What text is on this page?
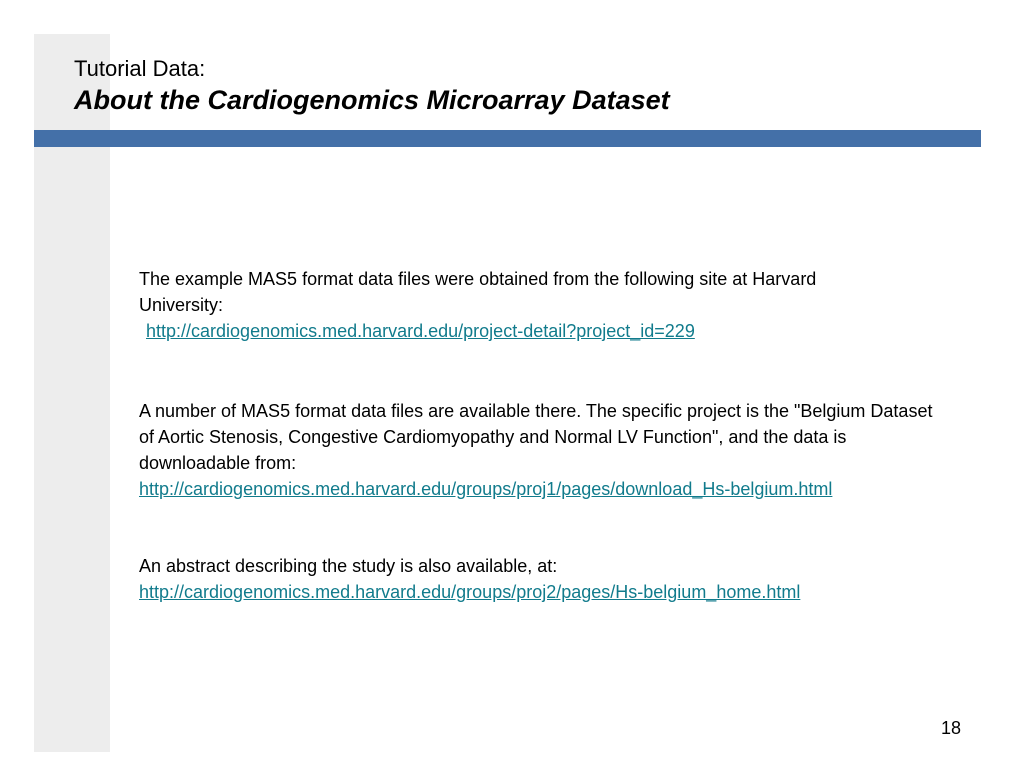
Tutorial Data:

About the Cardiogenomics Microarray Dataset
The example MAS5 format data files were obtained from the following site at Harvard University:
http://cardiogenomics.med.harvard.edu/project-detail?project_id=229
A number of MAS5 format data files are available there. The specific project is the "Belgium Dataset of Aortic Stenosis, Congestive Cardiomyopathy and Normal LV Function", and the data is downloadable from:
http://cardiogenomics.med.harvard.edu/groups/proj1/pages/download_Hs-belgium.html
An abstract describing the study is also available, at:
http://cardiogenomics.med.harvard.edu/groups/proj2/pages/Hs-belgium_home.html
18
